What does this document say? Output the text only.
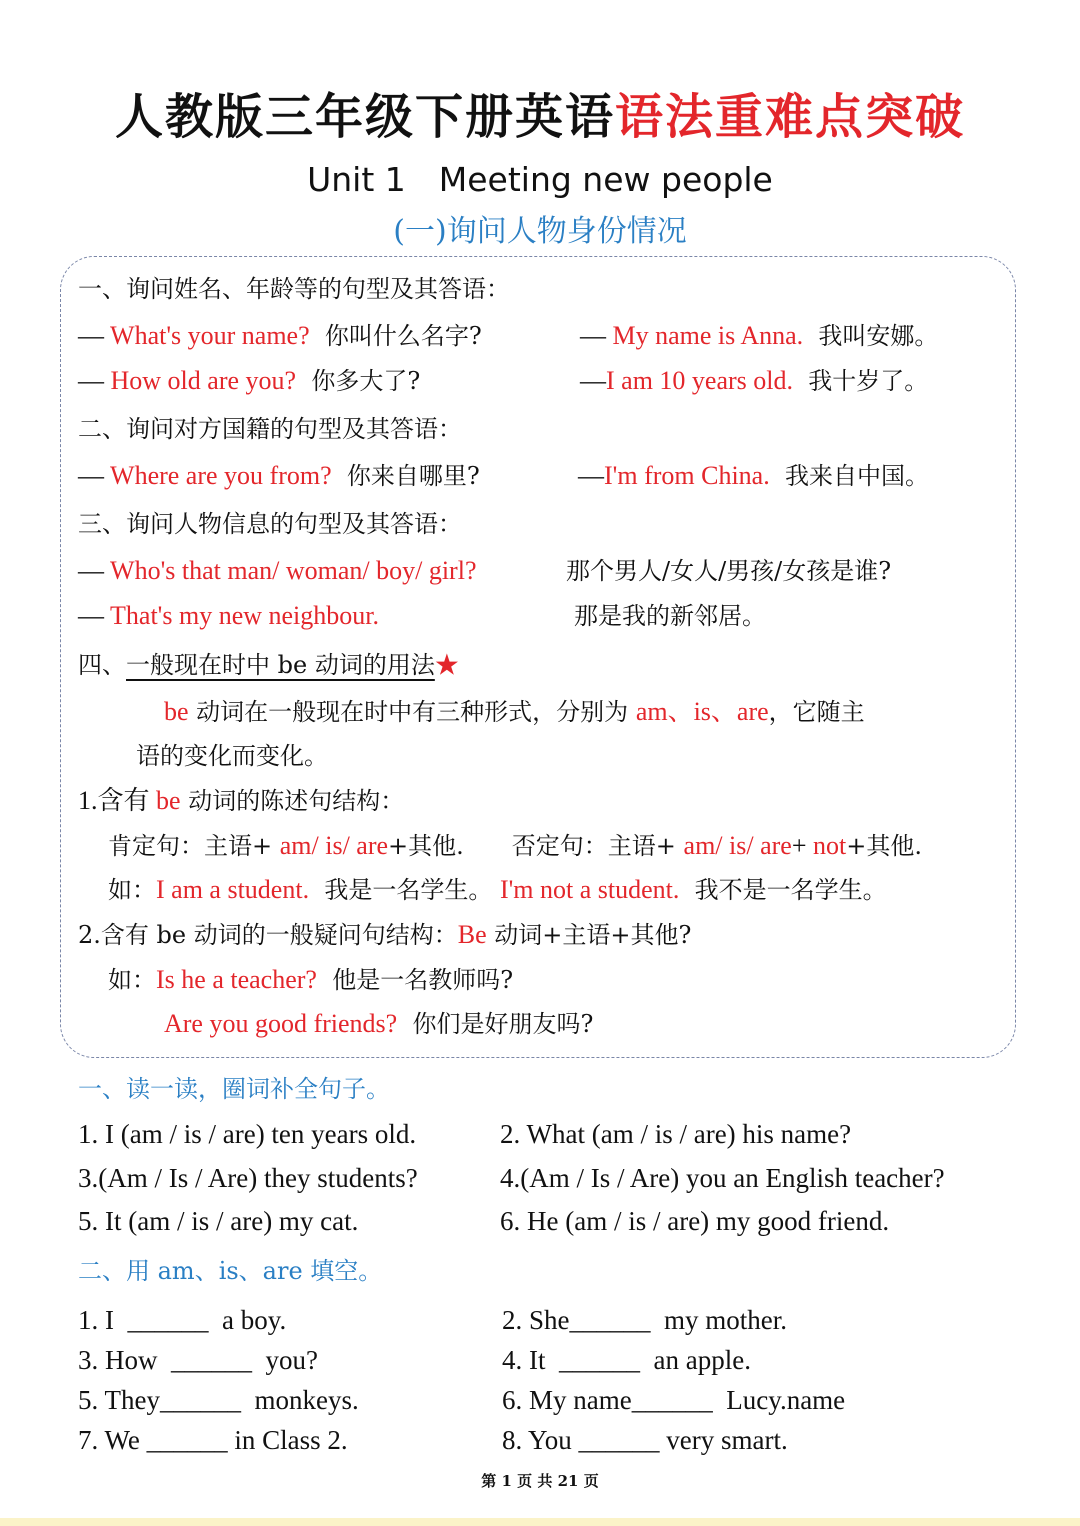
人教版三年级下册英语语法重难点突破
Unit 1　Meeting new people
(一)询问人物身份情况
一、询问姓名、年龄等的句型及其答语：
— What's your name?  你叫什么名字?	— My name is Anna.  我叫安娜。
— How old are you?  你多大了?	—I am 10 years old.  我十岁了。
二、询问对方国籍的句型及其答语：
— Where are you from?  你来自哪里?	—I'm from China.  我来自中国。
三、询问人物信息的句型及其答语：
— Who's that man/ woman/ boy/ girl?	那个男人/女人/男孩/女孩是谁?
— That's my new neighbour.	那是我的新邻居。
四、一般现在时中 be 动词的用法★
be 动词在一般现在时中有三种形式，分别为 am、is、are，它随主
语的变化而变化。
1.含有 be 动词的陈述句结构：
肯定句：主语+ am/ is/ are+其他.　　否定句：主语+ am/ is/ are+ not+其他.
如：I am a student.  我是一名学生。 I'm not a student.  我不是一名学生。
2.含有 be 动词的一般疑问句结构：Be 动词+主语+其他?
如：Is he a teacher?  他是一名教师吗?
Are you good friends?  你们是好朋友吗?
一、读一读，圈词补全句子。
1. I (am / is / are) ten years old.	2. What (am / is / are) his name?
3.(Am / Is / Are) they students?	4.(Am / Is / Are) you an English teacher?
5. It (am / is / are) my cat.	6. He (am / is / are) my good friend.
二、用 am、is、are 填空。
1. I  ______  a boy.	2. She______  my mother.
3. How  ______  you?	4. It  ______  an apple.
5. They______  monkeys.	6. My name______  Lucy.name
7. We ______ in Class 2.	8. You ______ very smart.
第 1 页 共 21 页
